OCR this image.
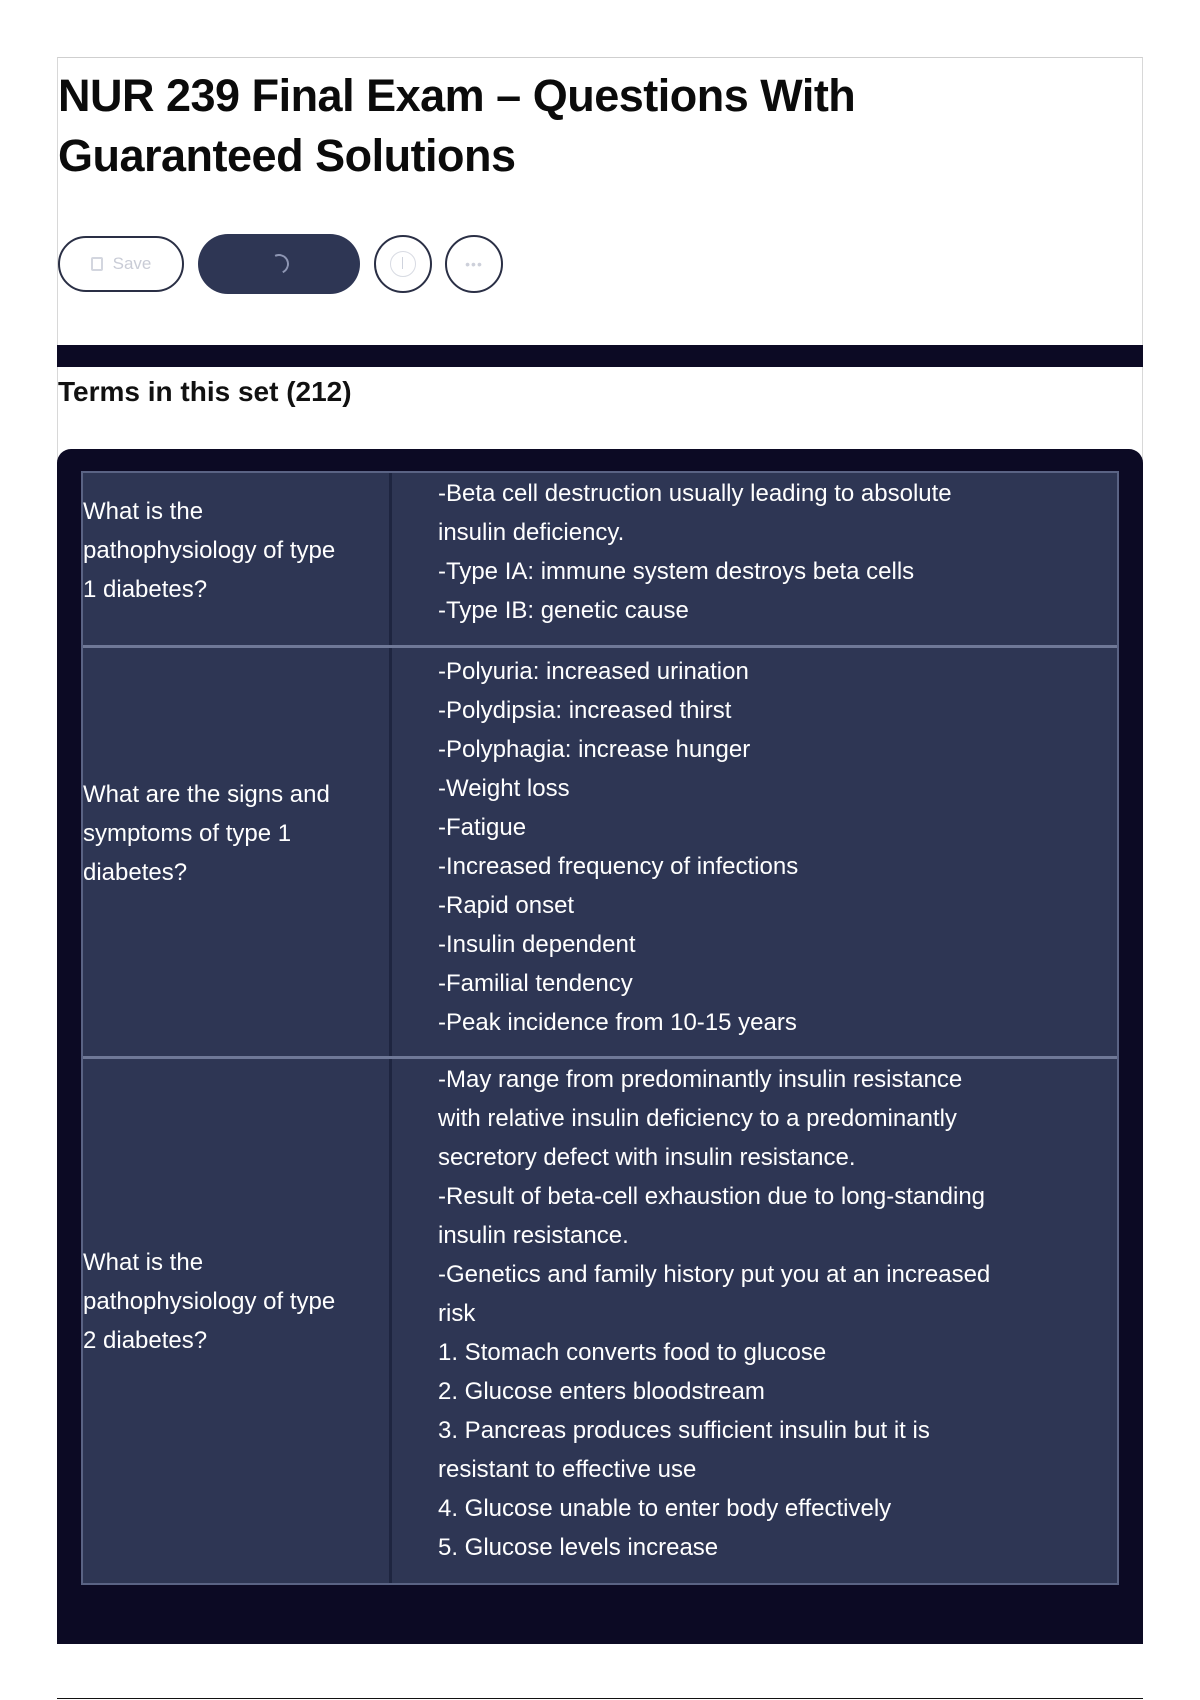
NUR 239 Final Exam – Questions With
Guaranteed Solutions
Save	•••
Terms in this set (212)
What is the
pathophysiology of type
1 diabetes?
-Beta cell destruction usually leading to absolute
insulin deficiency.
-Type IA: immune system destroys beta cells
-Type IB: genetic cause
What are the signs and
symptoms of type 1
diabetes?
-Polyuria: increased urination
-Polydipsia: increased thirst
-Polyphagia: increase hunger
-Weight loss
-Fatigue
-Increased frequency of infections
-Rapid onset
-Insulin dependent
-Familial tendency
-Peak incidence from 10-15 years
What is the
pathophysiology of type
2 diabetes?
-May range from predominantly insulin resistance
with relative insulin deficiency to a predominantly
secretory defect with insulin resistance.
-Result of beta-cell exhaustion due to long-standing
insulin resistance.
-Genetics and family history put you at an increased
risk
1. Stomach converts food to glucose
2. Glucose enters bloodstream
3. Pancreas produces sufficient insulin but it is
resistant to effective use
4. Glucose unable to enter body effectively
5. Glucose levels increase
